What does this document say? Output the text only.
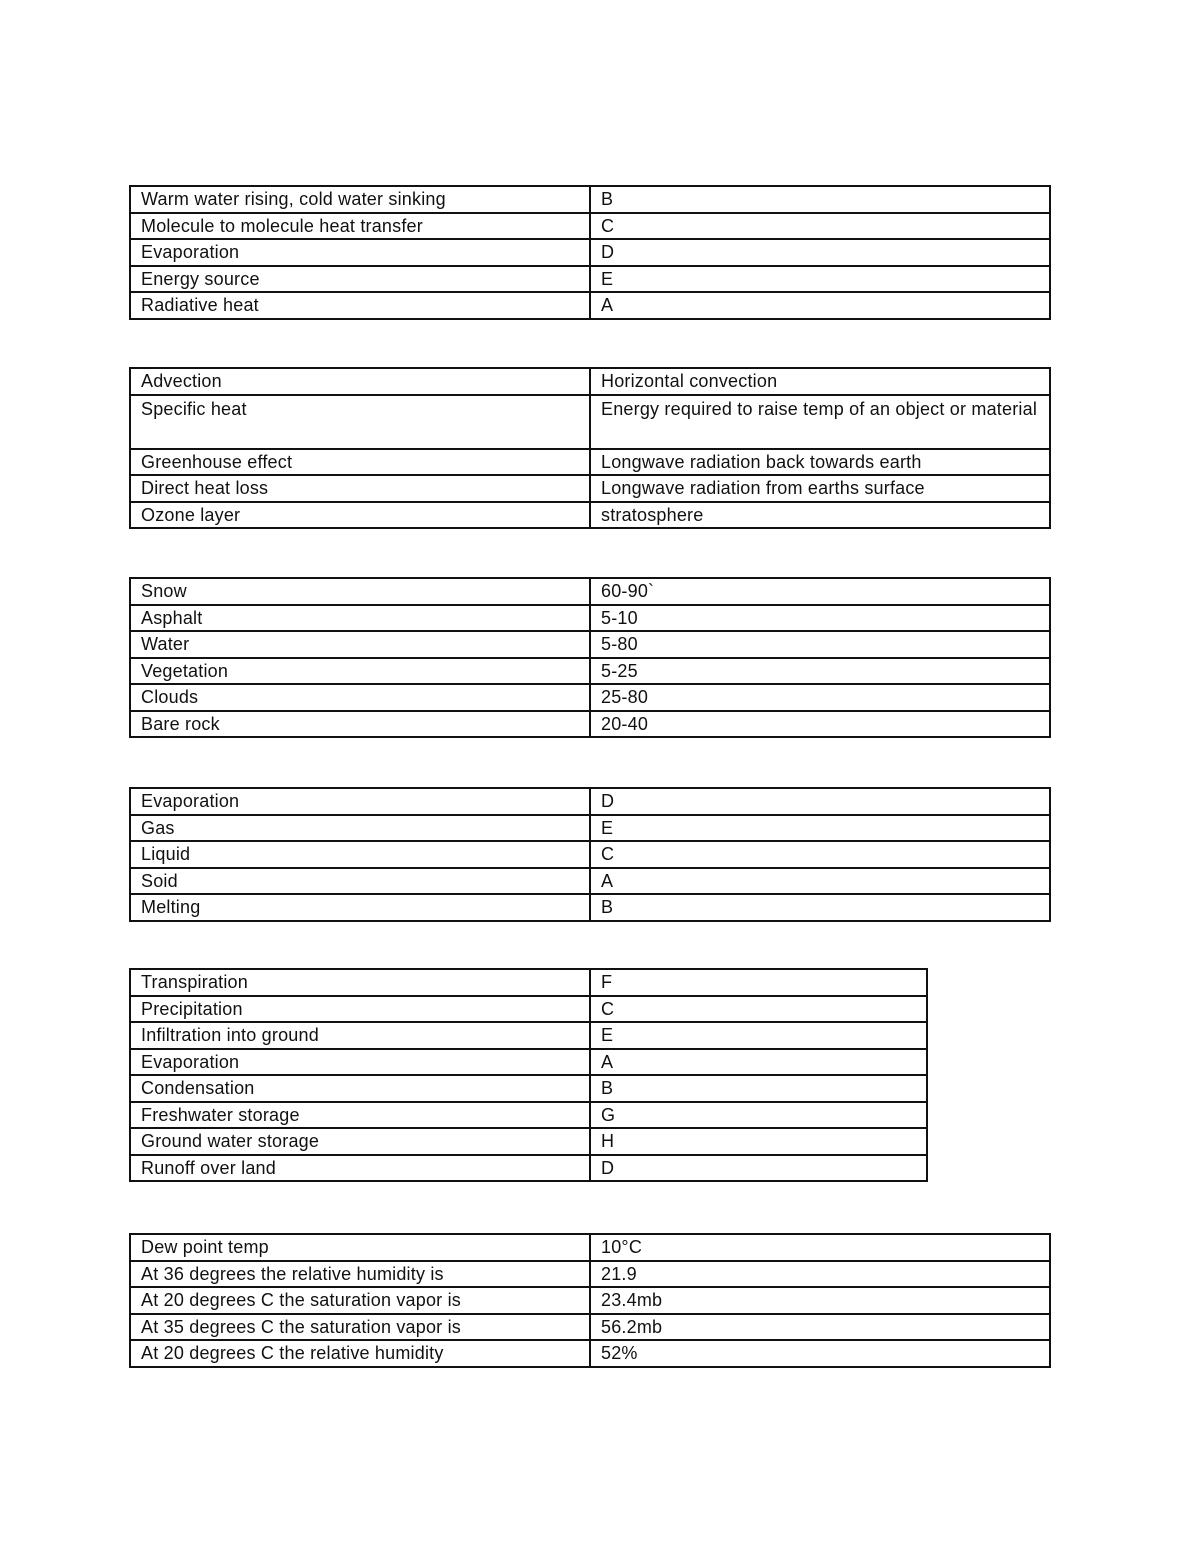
Warm water rising, cold water sinking	B
Molecule to molecule heat transfer	C
Evaporation	D
Energy source	E
Radiative heat	A
Advection	Horizontal convection
Specific heat	Energy required to raise temp of an object or material
Greenhouse effect	Longwave radiation back towards earth
Direct heat loss	Longwave radiation from earths surface
Ozone layer	stratosphere
Snow	60-90`
Asphalt	5-10
Water	5-80
Vegetation	5-25
Clouds	25-80
Bare rock	20-40
Evaporation	D
Gas	E
Liquid	C
Soid	A
Melting	B
Transpiration	F
Precipitation	C
Infiltration into ground	E
Evaporation	A
Condensation	B
Freshwater storage	G
Ground water storage	H
Runoff over land	D
Dew point temp	10°C
At 36 degrees the relative humidity is	21.9
At 20 degrees C the saturation vapor is	23.4mb
At 35 degrees C the saturation vapor is	56.2mb
At 20 degrees C the relative humidity	52%
